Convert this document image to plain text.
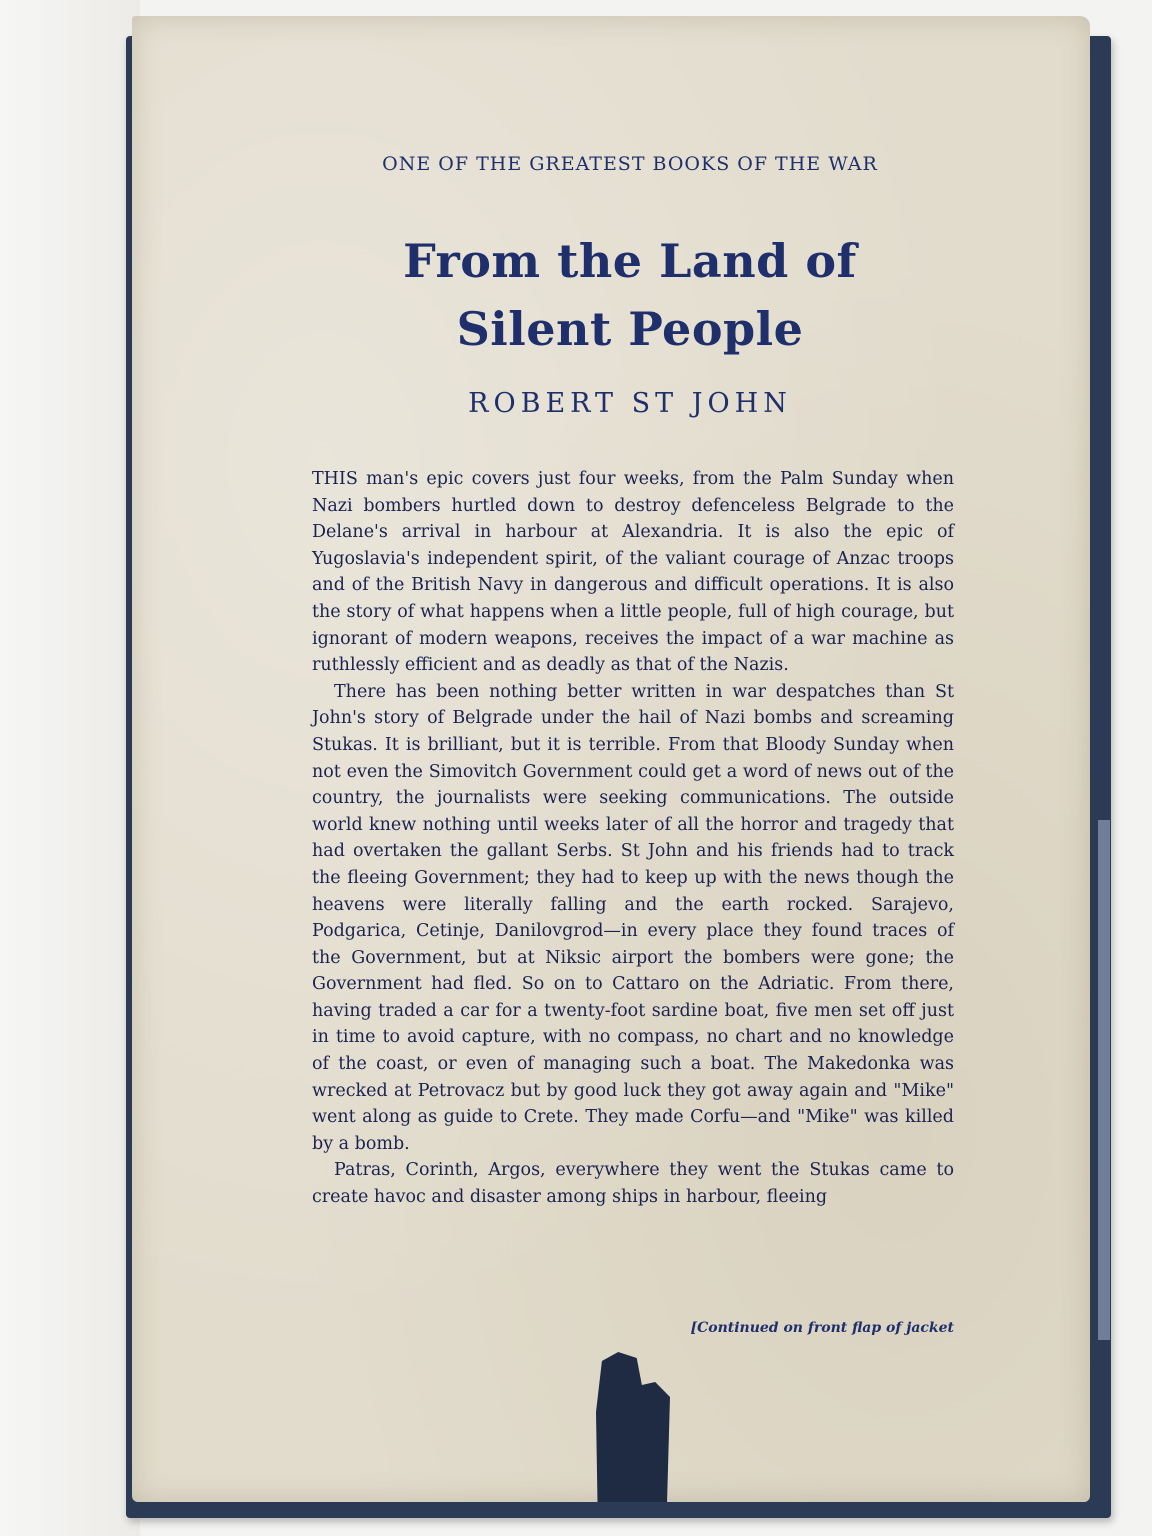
ONE OF THE GREATEST BOOKS OF THE WAR
From the Land of
Silent People
ROBERT ST JOHN

THIS man's epic covers just four weeks, from the Palm Sunday when Nazi bombers hurtled down to destroy defenceless Belgrade to the Delane's arrival in harbour at Alexandria. It is also the epic of Yugoslavia's independent spirit, of the valiant courage of Anzac troops and of the British Navy in dangerous and difficult operations. It is also the story of what happens when a little people, full of high courage, but ignorant of modern weapons, receives the impact of a war machine as ruthlessly efficient and as deadly as that of the Nazis.

There has been nothing better written in war despatches than St John's story of Belgrade under the hail of Nazi bombs and screaming Stukas. It is brilliant, but it is terrible. From that Bloody Sunday when not even the Simovitch Government could get a word of news out of the country, the journalists were seeking communications. The outside world knew nothing until weeks later of all the horror and tragedy that had overtaken the gallant Serbs. St John and his friends had to track the fleeing Government; they had to keep up with the news though the heavens were literally falling and the earth rocked. Sarajevo, Podgarica, Cetinje, Danilovgrod—in every place they found traces of the Government, but at Niksic airport the bombers were gone; the Government had fled. So on to Cattaro on the Adriatic. From there, having traded a car for a twenty-foot sardine boat, five men set off just in time to avoid capture, with no compass, no chart and no knowledge of the coast, or even of managing such a boat. The Makedonka was wrecked at Petrovacz but by good luck they got away again and "Mike" went along as guide to Crete. They made Corfu—and "Mike" was killed by a bomb.

Patras, Corinth, Argos, everywhere they went the Stukas came to create havoc and disaster among ships in harbour, fleeing

[Continued on front flap of jacket
